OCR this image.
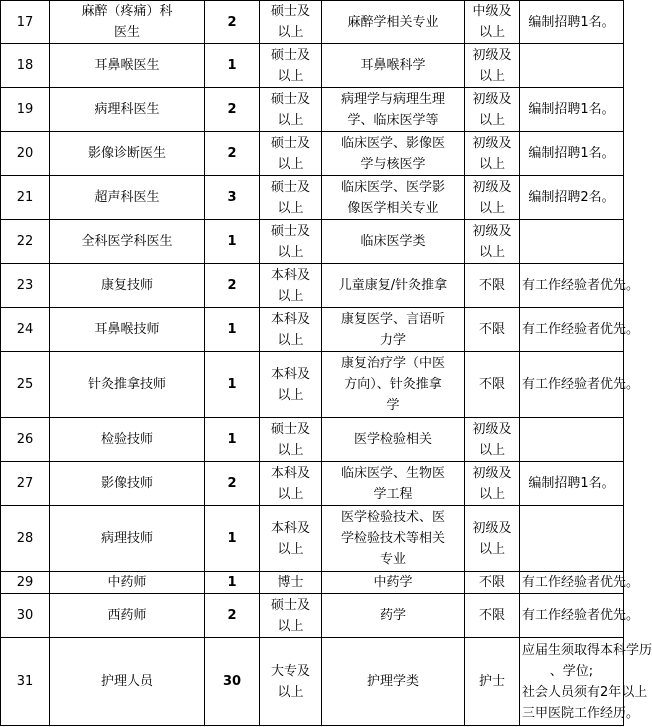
17	麻醉（疼痛）科
医生	2	硕士及
以上	麻醉学相关专业	中级及
以上	编制招聘1名。

18	耳鼻喉医生	1	硕士及
以上	耳鼻喉科学	初级及
以上	

19	病理科医生	2	硕士及
以上	病理学与病理生理
学、临床医学等	初级及
以上	编制招聘1名。

20	影像诊断医生	2	硕士及
以上	临床医学、影像医
学与核医学	初级及
以上	编制招聘1名。

21	超声科医生	3	硕士及
以上	临床医学、医学影
像医学相关专业	初级及
以上	编制招聘2名。

22	全科医学科医生	1	硕士及
以上	临床医学类	初级及
以上	

23	康复技师	2	本科及
以上	儿童康复/针灸推拿	不限	有工作经验者优先。

24	耳鼻喉技师	1	本科及
以上	康复医学、言语听
力学	不限	有工作经验者优先。

25	针灸推拿技师	1	本科及
以上	康复治疗学（中医
方向）、针灸推拿
学	不限	有工作经验者优先。

26	检验技师	1	硕士及
以上	医学检验相关	初级及
以上	

27	影像技师	2	本科及
以上	临床医学、生物医
学工程	初级及
以上	编制招聘1名。

28	病理技师	1	本科及
以上	医学检验技术、医
学检验技术等相关
专业	初级及
以上	

29	中药师	1	博士	中药学	不限	有工作经验者优先。

30	西药师	2	硕士及
以上	药学	不限	有工作经验者优先。

31	护理人员	30	大专及
以上	护理学类	护士	应届生须取得本科学历
、学位;
社会人员须有2年以上
三甲医院工作经历。
